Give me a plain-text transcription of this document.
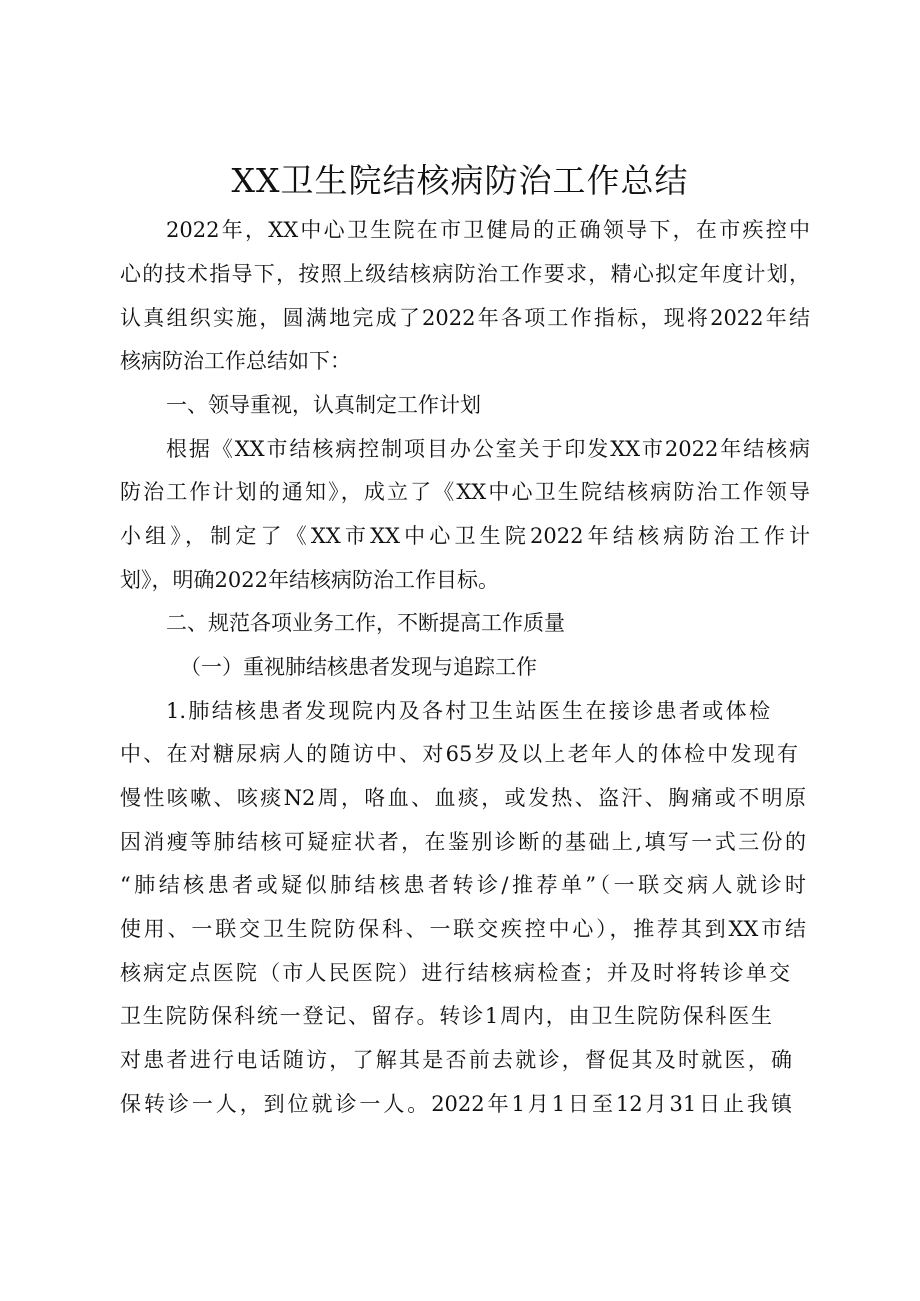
XX卫生院结核病防治工作总结
2022年，XX中心卫生院在市卫健局的正确领导下，在市疾控中
心的技术指导下，按照上级结核病防治工作要求，精心拟定年度计划，
认真组织实施，圆满地完成了2022年各项工作指标，现将2022年结
核病防治工作总结如下：
一、领导重视，认真制定工作计划
根据《XX市结核病控制项目办公室关于印发XX市2022年结核病
防治工作计划的通知》，成立了《XX中心卫生院结核病防治工作领导
小组》，制定了《XX市XX中心卫生院2022年结核病防治工作计
划》，明确2022年结核病防治工作目标。
二、规范各项业务工作，不断提高工作质量
（一）重视肺结核患者发现与追踪工作
1.肺结核患者发现院内及各村卫生站医生在接诊患者或体检
中、在对糖尿病人的随访中、对65岁及以上老年人的体检中发现有
慢性咳嗽、咳痰N2周，咯血、血痰，或发热、盗汗、胸痛或不明原
因消瘦等肺结核可疑症状者，在鉴别诊断的基础上,填写一式三份的
“肺结核患者或疑似肺结核患者转诊/推荐单”（一联交病人就诊时
使用、一联交卫生院防保科、一联交疾控中心），推荐其到XX市结
核病定点医院（市人民医院）进行结核病检查；并及时将转诊单交
卫生院防保科统一登记、留存。转诊1周内，由卫生院防保科医生
对患者进行电话随访，了解其是否前去就诊，督促其及时就医，确
保转诊一人，到位就诊一人。2022年1月1日至12月31日止我镇
